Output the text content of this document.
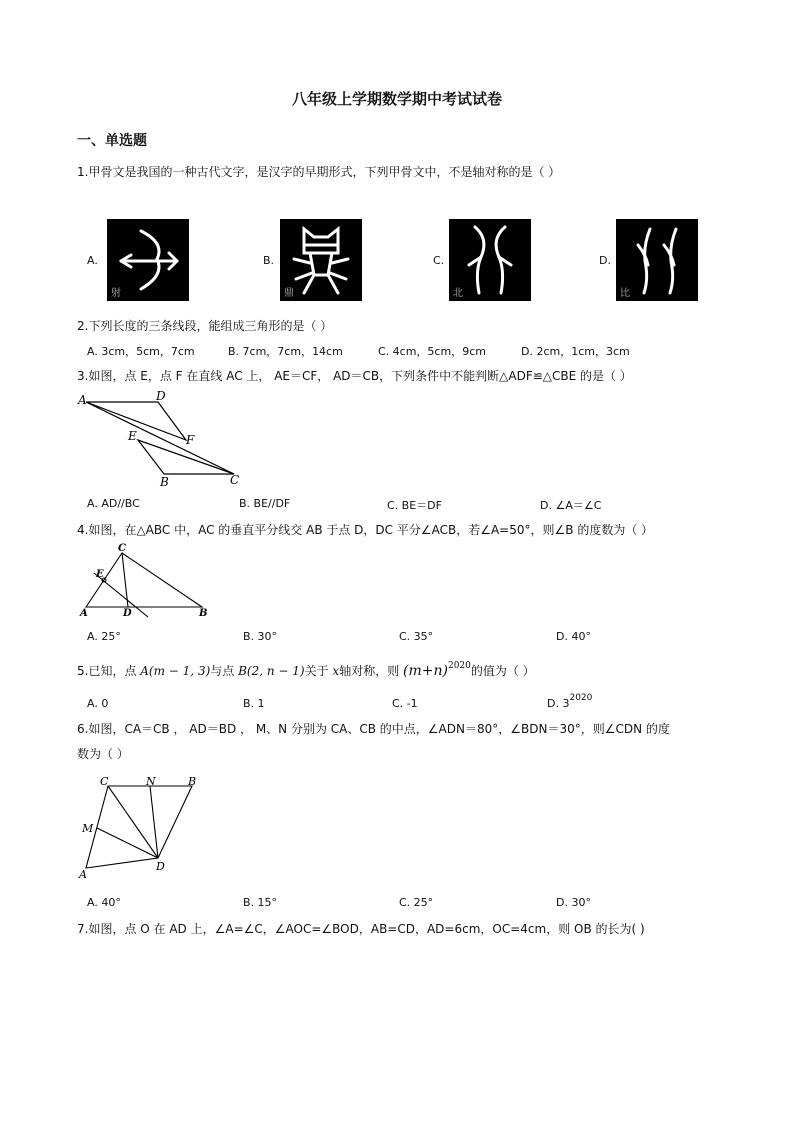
八年级上学期数学期中考试试卷
一、单选题
1.甲骨文是我国的一种古代文字，是汉字的早期形式，下列甲骨文中，不是轴对称的是（ ）
A.
射
B.
鼎
C.
北
D.
比
2.下列长度的三条线段，能组成三角形的是（ ）
A. 3cm，5cm，7cm	B. 7cm，7cm，14cm	C. 4cm，5cm，9cm	D. 2cm，1cm，3cm
3.如图，点 E，点 F 在直线 AC 上， AE＝CF， AD＝CB，下列条件中不能判断△ADF≌△CBE 的是（ ）
A	D
E	F
B	C
A. AD//BC	B. BE//DF	C. BE＝DF	D. ∠A＝∠C
4.如图，在△ABC 中，AC 的垂直平分线交 AB 于点 D，DC 平分∠ACB，若∠A=50°，则∠B 的度数为（ ）
C
E
A	D	B
A. 25°	B. 30°	C. 35°	D. 40°
5.已知，点 A(m − 1, 3)与点 B(2, n − 1)关于 x轴对称，则 $(m+n)^{2020}$的值为（ ）
A. 0	B. 1	C. -1	D. $3^{2020}$
6.如图，CA＝CB ， AD＝BD ， M、N 分别为 CA、CB 的中点，∠ADN＝80°，∠BDN＝30°，则∠CDN 的度
数为（ ）
C	N	B
M
A
D
A. 40°	B. 15°	C. 25°	D. 30°
7.如图，点 O 在 AD 上，∠A=∠C，∠AOC=∠BOD，AB=CD，AD=6cm，OC=4cm，则 OB 的长为( )
